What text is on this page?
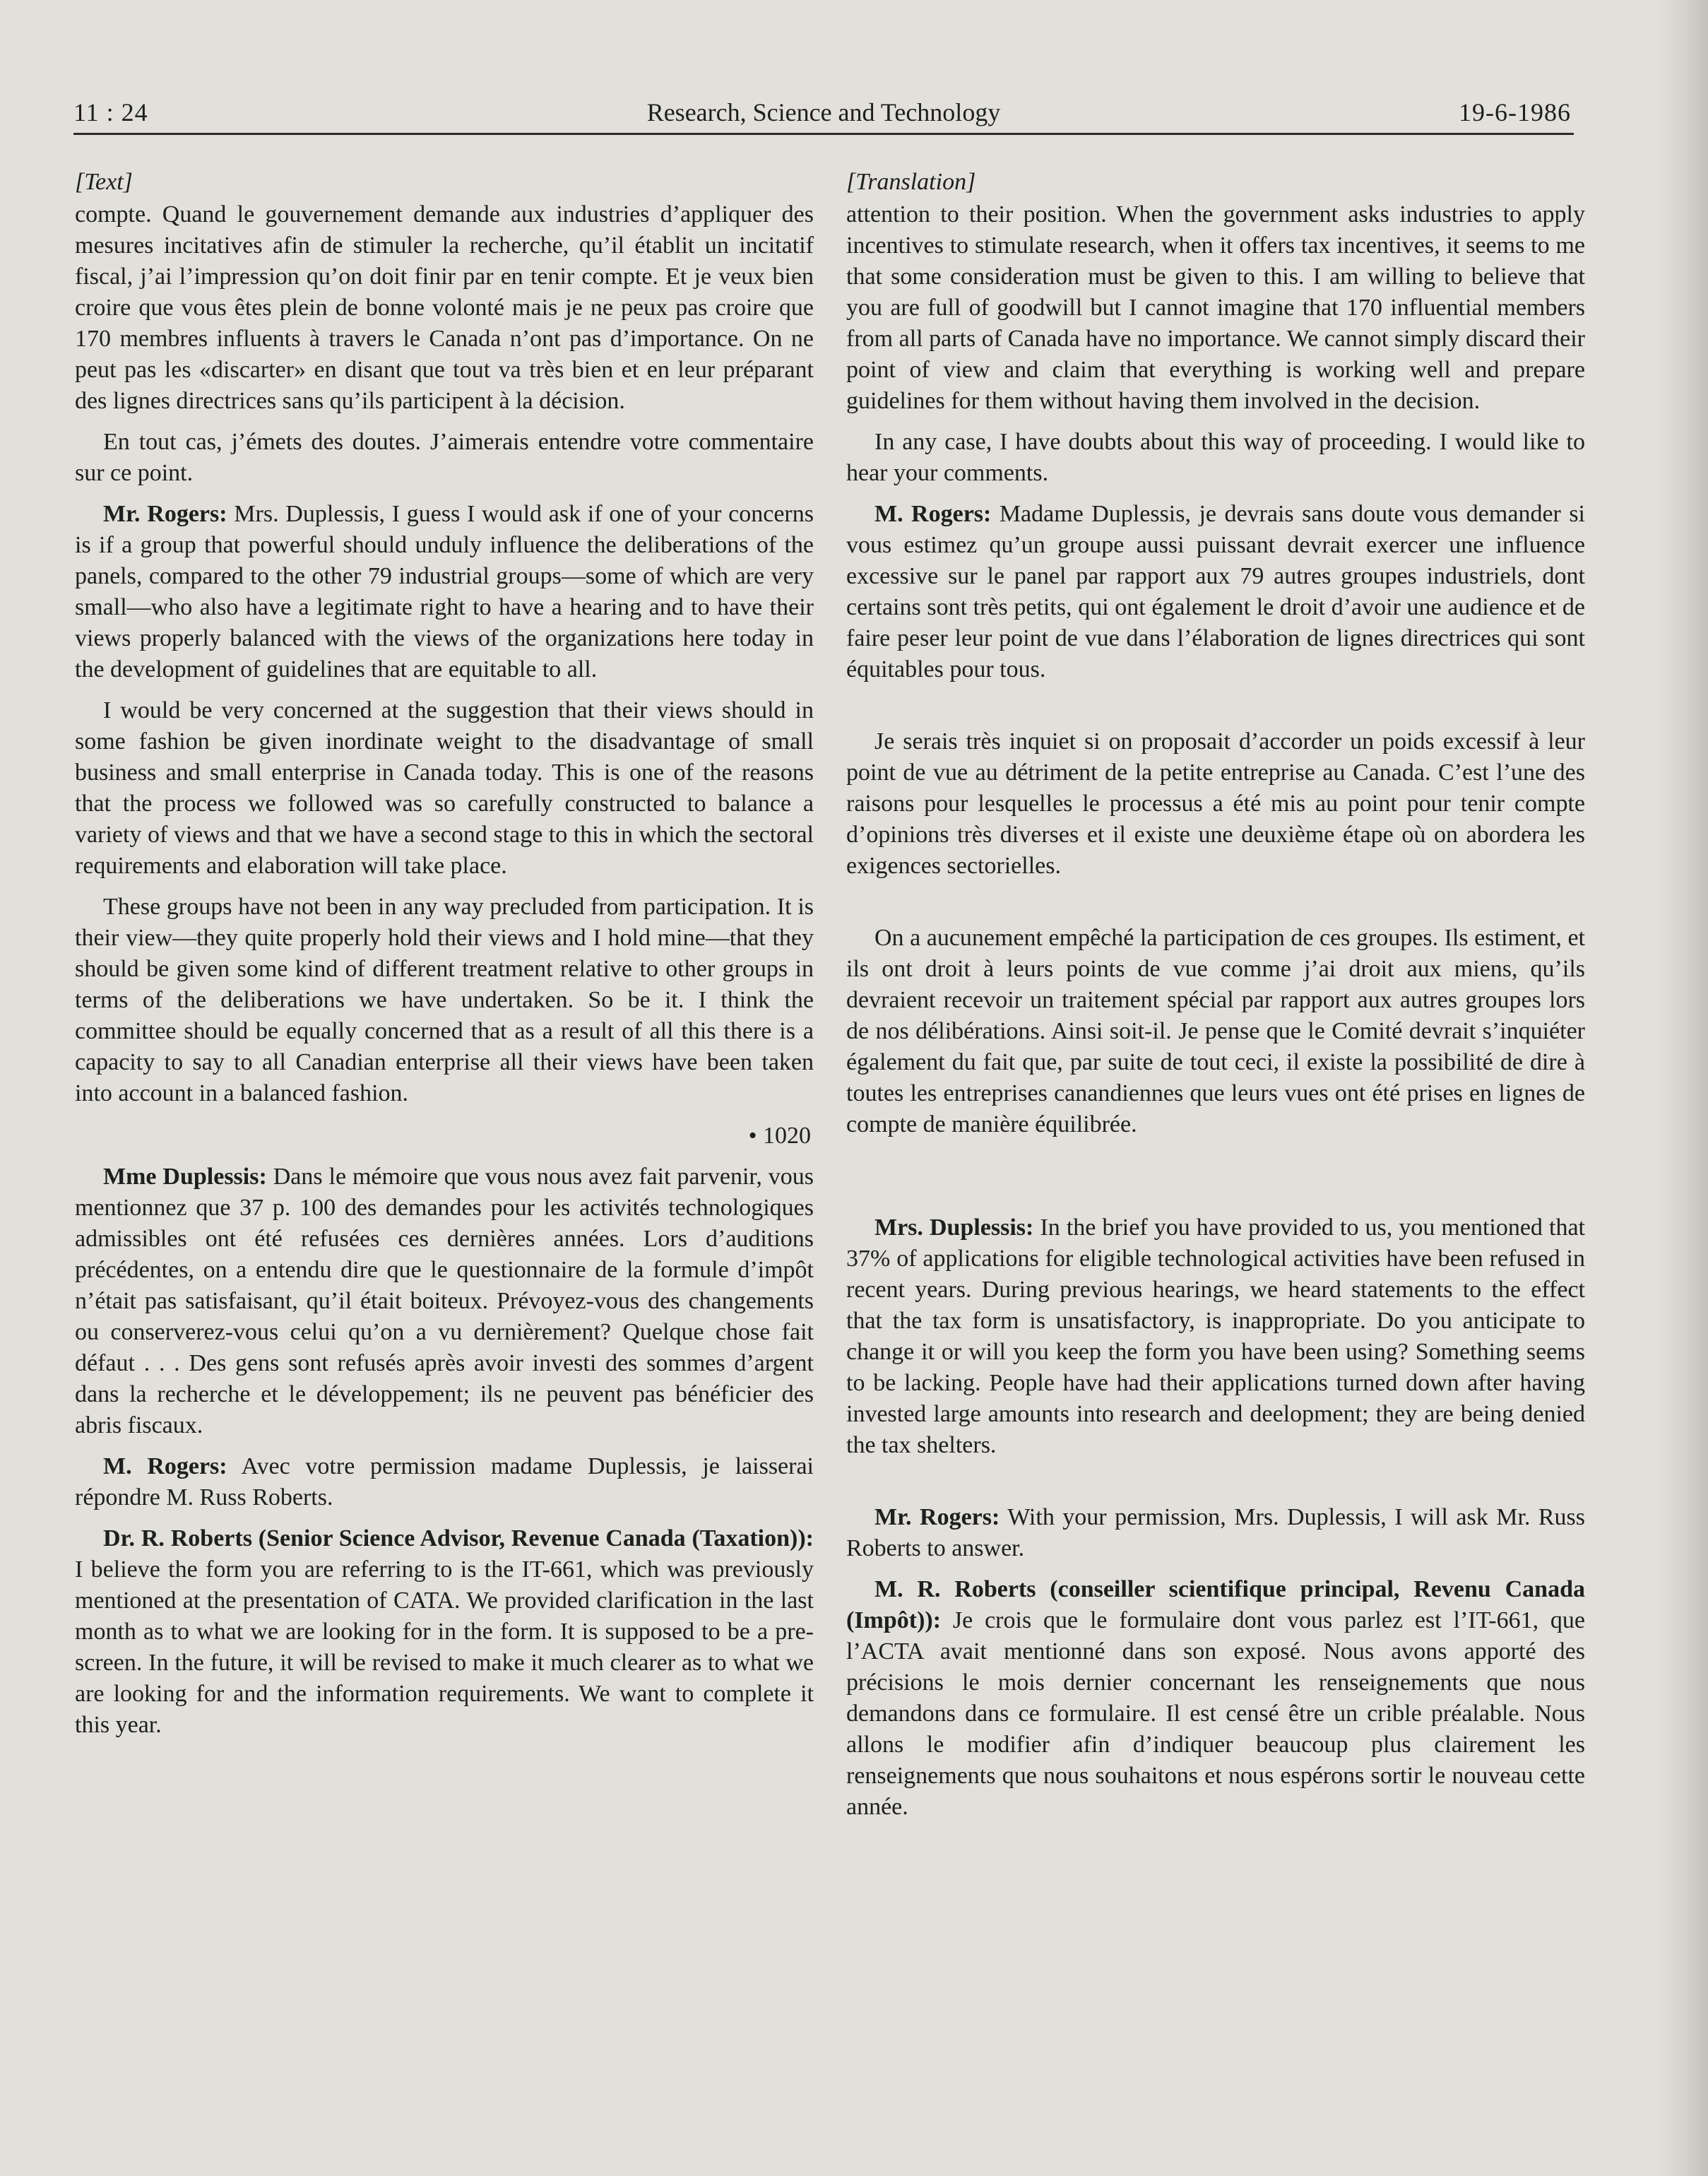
11 : 24	Research, Science and Technology	19-6-1986

[Text]

compte. Quand le gouvernement demande aux industries d’appliquer des mesures incitatives afin de stimuler la recherche, qu’il établit un incitatif fiscal, j’ai l’impression qu’on doit finir par en tenir compte. Et je veux bien croire que vous êtes plein de bonne volonté mais je ne peux pas croire que 170 membres influents à travers le Canada n’ont pas d’importance. On ne peut pas les «discarter» en disant que tout va très bien et en leur préparant des lignes directrices sans qu’ils participent à la décision.

En tout cas, j’émets des doutes. J’aimerais entendre votre commentaire sur ce point.

Mr. Rogers: Mrs. Duplessis, I guess I would ask if one of your concerns is if a group that powerful should unduly influence the deliberations of the panels, compared to the other 79 industrial groups—some of which are very small—who also have a legitimate right to have a hearing and to have their views properly balanced with the views of the organizations here today in the development of guidelines that are equitable to all.

I would be very concerned at the suggestion that their views should in some fashion be given inordinate weight to the disadvantage of small business and small enterprise in Canada today. This is one of the reasons that the process we followed was so carefully constructed to balance a variety of views and that we have a second stage to this in which the sectoral requirements and elaboration will take place.

These groups have not been in any way precluded from participation. It is their view—they quite properly hold their views and I hold mine—that they should be given some kind of different treatment relative to other groups in terms of the deliberations we have undertaken. So be it. I think the committee should be equally concerned that as a result of all this there is a capacity to say to all Canadian enterprise all their views have been taken into account in a balanced fashion.

• 1020

Mme Duplessis: Dans le mémoire que vous nous avez fait parvenir, vous mentionnez que 37 p. 100 des demandes pour les activités technologiques admissibles ont été refusées ces dernières années. Lors d’auditions précédentes, on a entendu dire que le questionnaire de la formule d’impôt n’était pas satisfaisant, qu’il était boiteux. Prévoyez-vous des changements ou conserverez-vous celui qu’on a vu dernièrement? Quelque chose fait défaut . . . Des gens sont refusés après avoir investi des sommes d’argent dans la recherche et le développement; ils ne peuvent pas bénéficier des abris fiscaux.

M. Rogers: Avec votre permission madame Duplessis, je laisserai répondre M. Russ Roberts.

Dr. R. Roberts (Senior Science Advisor, Revenue Canada (Taxation)): I believe the form you are referring to is the IT-661, which was previously mentioned at the presentation of CATA. We provided clarification in the last month as to what we are looking for in the form. It is supposed to be a pre-screen. In the future, it will be revised to make it much clearer as to what we are looking for and the information requirements. We want to complete it this year.

[Translation]

attention to their position. When the government asks industries to apply incentives to stimulate research, when it offers tax incentives, it seems to me that some consideration must be given to this. I am willing to believe that you are full of goodwill but I cannot imagine that 170 influential members from all parts of Canada have no importance. We cannot simply discard their point of view and claim that everything is working well and prepare guidelines for them without having them involved in the decision.

In any case, I have doubts about this way of proceeding. I would like to hear your comments.

M. Rogers: Madame Duplessis, je devrais sans doute vous demander si vous estimez qu’un groupe aussi puissant devrait exercer une influence excessive sur le panel par rapport aux 79 autres groupes industriels, dont certains sont très petits, qui ont également le droit d’avoir une audience et de faire peser leur point de vue dans l’élaboration de lignes directrices qui sont équitables pour tous.

Je serais très inquiet si on proposait d’accorder un poids excessif à leur point de vue au détriment de la petite entreprise au Canada. C’est l’une des raisons pour lesquelles le processus a été mis au point pour tenir compte d’opinions très diverses et il existe une deuxième étape où on abordera les exigences sectorielles.

On a aucunement empêché la participation de ces groupes. Ils estiment, et ils ont droit à leurs points de vue comme j’ai droit aux miens, qu’ils devraient recevoir un traitement spécial par rapport aux autres groupes lors de nos délibérations. Ainsi soit-il. Je pense que le Comité devrait s’inquiéter également du fait que, par suite de tout ceci, il existe la possibilité de dire à toutes les entreprises canandiennes que leurs vues ont été prises en lignes de compte de manière équilibrée.

Mrs. Duplessis: In the brief you have provided to us, you mentioned that 37% of applications for eligible technological activities have been refused in recent years. During previous hearings, we heard statements to the effect that the tax form is unsatisfactory, is inappropriate. Do you anticipate to change it or will you keep the form you have been using? Something seems to be lacking. People have had their applications turned down after having invested large amounts into research and deelopment; they are being denied the tax shelters.

Mr. Rogers: With your permission, Mrs. Duplessis, I will ask Mr. Russ Roberts to answer.

M. R. Roberts (conseiller scientifique principal, Revenu Canada (Impôt)): Je crois que le formulaire dont vous parlez est l’IT-661, que l’ACTA avait mentionné dans son exposé. Nous avons apporté des précisions le mois dernier concernant les renseignements que nous demandons dans ce formulaire. Il est censé être un crible préalable. Nous allons le modifier afin d’indiquer beaucoup plus clairement les renseignements que nous souhaitons et nous espérons sortir le nouveau cette année.
